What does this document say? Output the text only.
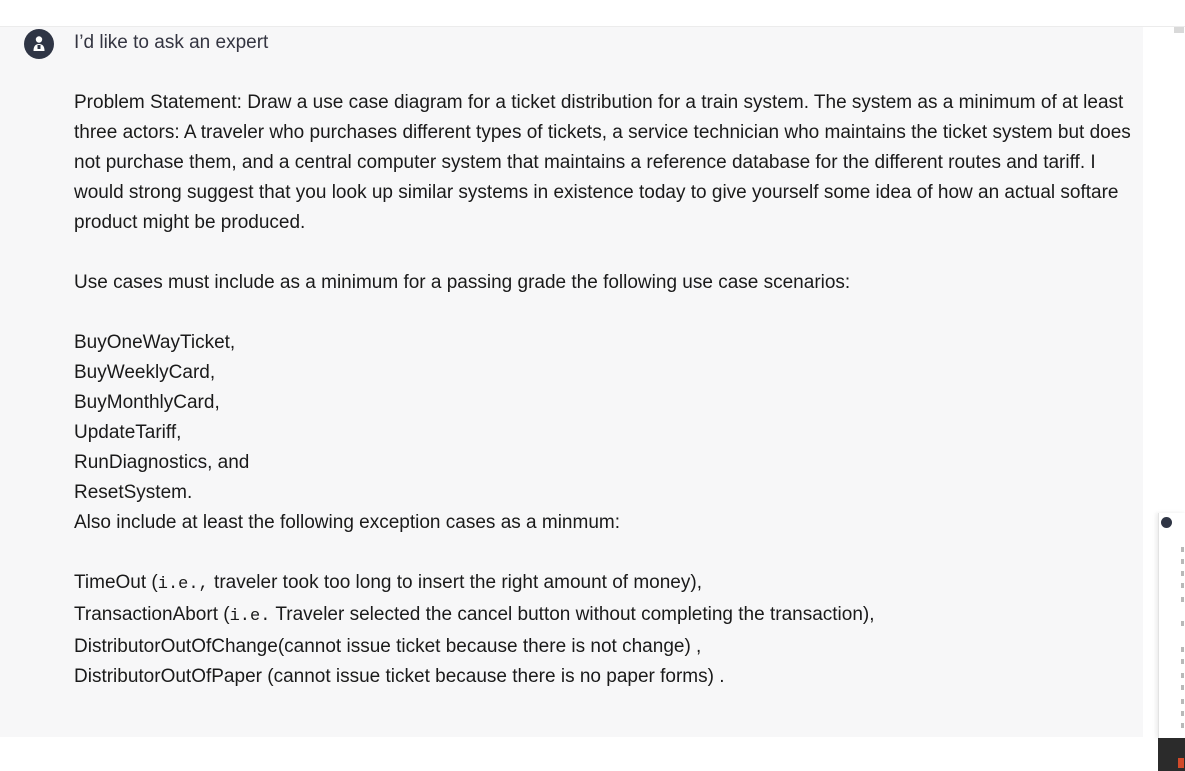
I’d like to ask an expert

Problem Statement: Draw a use case diagram for a ticket distribution for a train system. The system as a minimum of at least three actors: A traveler who purchases different types of tickets, a service technician who maintains the ticket system but does not purchase them, and a central computer system that maintains a reference database for the different routes and tariff. I would strong suggest that you look up similar systems in existence today to give yourself some idea of how an actual softare product might be produced.

Use cases must include as a minimum for a passing grade the following use case scenarios:

BuyOneWayTicket,

BuyWeeklyCard,

BuyMonthlyCard,

UpdateTariff,

RunDiagnostics, and

ResetSystem.

Also include at least the following exception cases as a minmum:

TimeOut (i.e., traveler took too long to insert the right amount of money),

TransactionAbort (i.e. Traveler selected the cancel button without completing the transaction),

DistributorOutOfChange(cannot issue ticket because there is not change) ,

DistributorOutOfPaper (cannot issue ticket because there is no paper forms) .
